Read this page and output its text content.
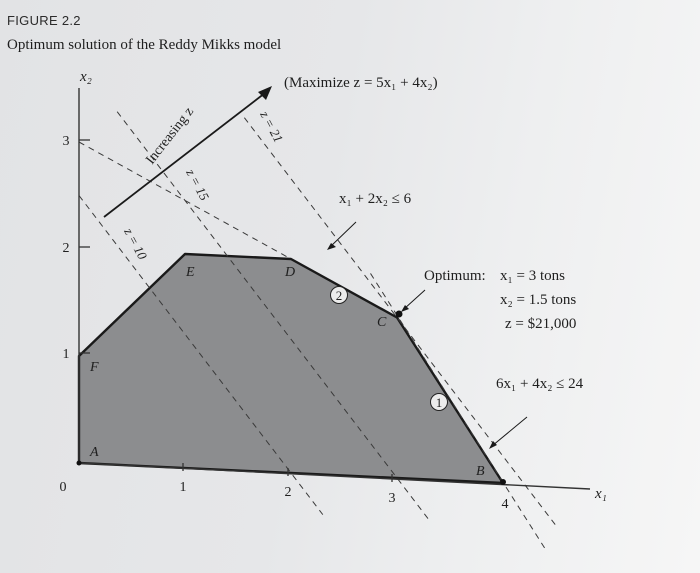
FIGURE 2.2
Optimum solution of the Reddy Mikks model
2
1
x₂
x₁
0	1	2	3	4
1
2
3
A
B
C
D
E
F
(Maximize z = 5x₁ + 4x₂)
x₁ + 2x₂ ≤ 6
6x₁ + 4x₂ ≤ 24
Increasing z
z = 10
z = 15
z = 21
Optimum: x₁ = 3 tons
x₂ = 1.5 tons
z = $21,000
